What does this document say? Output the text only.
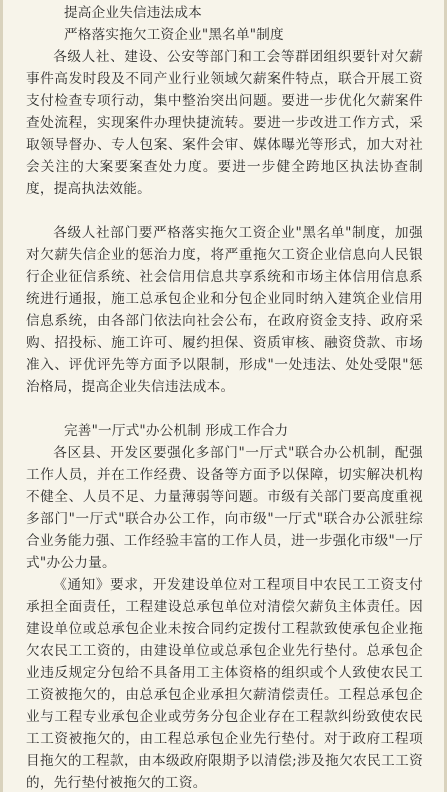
提高企业失信违法成本
严格落实拖欠工资企业"黑名单"制度

各级人社、建设、公安等部门和工会等群团组织要针对欠薪事件高发时段及不同产业行业领域欠薪案件特点，联合开展工资支付检查专项行动，集中整治突出问题。要进一步优化欠薪案件查处流程，实现案件办理快捷流转。要进一步改进工作方式，采取领导督办、专人包案、案件会审、媒体曝光等形式，加大对社会关注的大案要案查处力度。要进一步健全跨地区执法协查制度，提高执法效能。

各级人社部门要严格落实拖欠工资企业"黑名单"制度，加强对欠薪失信企业的惩治力度，将严重拖欠工资企业信息向人民银行企业征信系统、社会信用信息共享系统和市场主体信用信息系统进行通报，施工总承包企业和分包企业同时纳入建筑企业信用信息系统，由各部门依法向社会公布，在政府资金支持、政府采购、招投标、施工许可、履约担保、资质审核、融资贷款、市场准入、评优评先等方面予以限制，形成"一处违法、处处受限"惩治格局，提高企业失信违法成本。

完善"一厅式"办公机制 形成工作合力

各区县、开发区要强化多部门"一厅式"联合办公机制，配强工作人员，并在工作经费、设备等方面予以保障，切实解决机构不健全、人员不足、力量薄弱等问题。市级有关部门要高度重视多部门"一厅式"联合办公工作，向市级"一厅式"联合办公派驻综合业务能力强、工作经验丰富的工作人员，进一步强化市级"一厅式"办公力量。

《通知》要求，开发建设单位对工程项目中农民工工资支付承担全面责任，工程建设总承包单位对清偿欠薪负主体责任。因建设单位或总承包企业未按合同约定拨付工程款致使承包企业拖欠农民工工资的，由建设单位或总承包企业先行垫付。总承包企业违反规定分包给不具备用工主体资格的组织或个人致使农民工工资被拖欠的，由总承包企业承担欠薪清偿责任。工程总承包企业与工程专业承包企业或劳务分包企业存在工程款纠纷致使农民工工资被拖欠的，由工程总承包企业先行垫付。对于政府工程项目拖欠的工程款，由本级政府限期予以清偿;涉及拖欠农民工工资的，先行垫付被拖欠的工资。
